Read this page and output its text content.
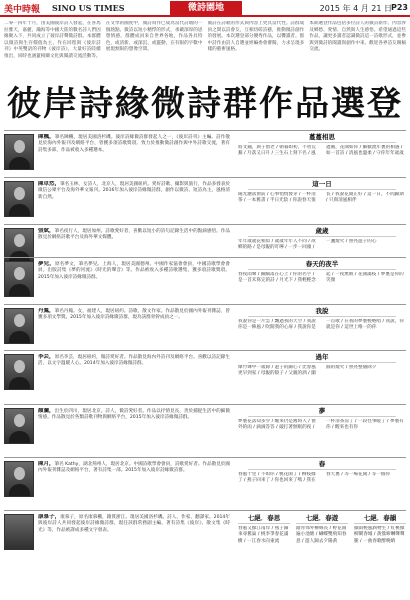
美中時報 SINO US TIMES	微詩園地	2015 年 4 月 21 日 P23
二零一四年十月，由美國彼岸詩人發起，在喜馬拉雅天，嘉麗、瀚海等中國大陸的數名詩人們因緣聚入下，共同成立了彼岸詩聲微詩群。本群體以微詩與生存價值為主，作在同程與《彼岸詩刊》中英雙語的刊物《彼岸詩》，大量好詩陸續推出，同時也涵蓋相關文化與閱讀交流活動等。
在文學的國度中，微詩寫作已成為當代詩壇的一個熱點。微詩以短小精悍的形式，承載深厚的思想情感。群體成員來自世界各地，作品各具特色，或清新、或深沉、或靈動，在有限的字數中展現無限的想像空間。
微詩在詩歌的形式與內容上更具當代性。詩群成員之間以詩會友，互相切磋詩藝，推動微詩創作的發展。本次選登部分優秀作品，以饗讀者。群中詩作由詩人自選並經編委會審閱，力求呈現多樣的藝術風格。
本期選登作品包括多位詩人的微詩新作。內容涉及鄉愁、愛情、自然與人生感悟。希望通過這些作品，讓更多讀者認識微詩這一詩歌形式，並參與到微詩的閱讀與創作中來。歡迎各界詩友賜稿交流。
彼岸詩緣微詩群作品選登
陳楓，筆名陳楓，現居美國洛杉磯。彼岸詩緣微詩群發起人之一，《彼岸詩刊》主編。詩作散見於海內外報刊及網絡平台，曾獲多項詩歌獎項。致力於推動微詩創作與中外詩歌交流，著有詩集多部，作品被收入多種選本。
蔓蔓相思
將文鋪，與子偕老 / 朝暮如初，不曾荒蕪 / 月落又日升 / 三生石上刻下名 / 風過處，花開如你 / 細數流年裏的相遇 / 如一首詩 / 清風也溫柔 / 守你年年歲歲
陳卓然，筆名玉林，女詩人，北京人，現居美國紐約。愛好詩歌、攝影與旅行，作品多發表於微信公眾平台及海外華文報刊。2016年加入彼岸詩緣微詩群，創作以微詩、短詩為主，風格清新自然。
這一日
陽光灑落窗前 / 心事悄悄發芽 / 一杯清茶 / 一本舊書 / 半日光陰 / 你說春天很長 / 我說花開正好 / 這一日，不問歸期 / 只與清風相伴
張斌，筆名夜行人，現居加州。詩歌愛好者，喜歡以短小的詩句記錄生活中的點滴感悟。作品散見於網絡詩歌平台及海外華文媒體。
歲歲
年年歲歲花相似 / 歲歲年年人不同 / 故鄉的路 / 是母親的叮嚀 / 一步一回頭 / 一盞燈火 / 照亮遊子的心
夢兒，原名夢文，筆名夢兒。上海人，現居美國德州。中國作家協會會員，中國詩歌學會會員。出版詩集《夢的河流》《時光的聲音》等。作品被收入多種詩歌選集，獲多項詩歌獎項。2015年加入彼岸詩緣微詩群。
春天的夜半
春夜雨聲 / 細細落在心上 / 你的名字 / 是一首未寫完的詩 / 月光下 / 我輕輕念起 / 一夜無眠 / 花開滿枝 / 夢裏是你的笑顏
丹鳳，筆名丹鳳。女，福建人，現居紐約。詩歌、散文作家。作品散見於國內外報刊雜誌，曾獲多項文學獎。2015年加入彼岸詩緣微詩群，現為該群骨幹成員之一。
我說
我說你是一片雲 / 飄過我的天空 / 我說你是一陣風 / 吹開我的心扉 / 我說你是一首歌 / 在我的夢裏輕輕唱 / 我說，你就是你 / 這世上唯一的你
李芸，原名李芸，現居紐約，微詩愛好者。作品散見海內外詩刊及網絡平台。喜歡以詩記錄生活，以文字溫暖人心。2014年加入彼岸詩緣微詩群。
過年
爆竹聲中一歲除 / 遊子的歸心 / 比春風更早到家 / 母親的餃子 / 父親的酒 / 團圓的燈火 / 照亮整個除夕
顏瀾，出生於四川，現居北京。詩人，微詩愛好者。作品以抒情見長，善於捕捉生活中的細微情感。作品散見於各類詩歌刊物與網絡平台，2015年加入彼岸詩緣微詩群。
夢
夢裏花落知多少 / 醒來仍是舊時人 / 窗外的雨 / 滴滴答答 / 敲打著無眠的夜 / 一杯清茶涼了 / 一段往事暖了 / 夢裏有你 / 醒來也有你
陳月，筆名 Kathy，湖北荊州人，現居北京。中國詩歌學會會員，詩歌愛好者。作品散見於國內外報刊雜誌及網絡平台，著有詩集一部。2015年加入彼岸詩緣微詩群。
春
春風十里 / 不如你 / 桃花開了 / 柳枝綠了 / 燕子回來了 / 你也回來了嗎 / 我在春天裏 / 等一場花開 / 等一個你
康慕子，康慕子，原名康慕楓，籍貫浙江。現居美國洛杉磯。詩人、作家、翻譯家。2014年與彼岸詩人共同發起彼岸詩緣微詩群，現任該群常務副主編。著有詩集《彼岸》、散文集《時光》等，作品被譯成多種文字發表。
七絕．春思
春風又綠江南岸 / 燕子歸來尋舊巢 / 桃李爭春花滿樹 / 一江春水向東流
七絕．春遊
踏青郊外柳絲長 / 野花開遍小池塘 / 蝴蝶雙飛知春意 / 遊人歸去夕陽黃
七絕．春韻
細雨輕風潤物生 / 紅桃綠柳鬧春城 / 黃鶯啼囀聲聲脆 / 一曲春歌醉晚晴
